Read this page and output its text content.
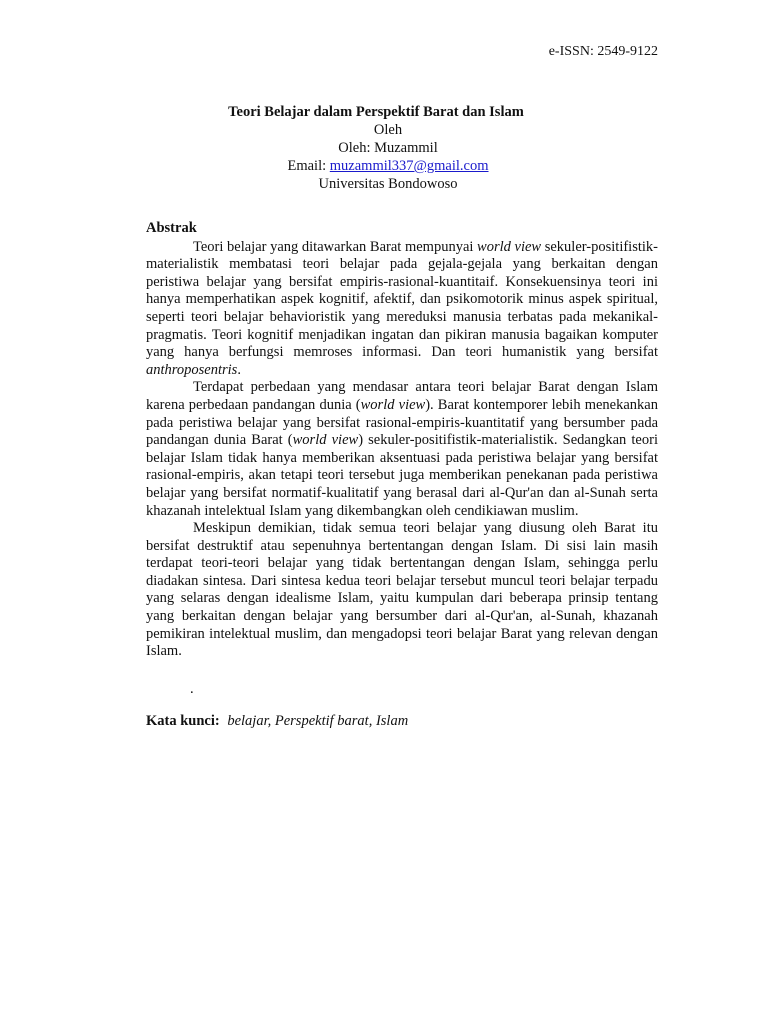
e-ISSN: 2549-9122
Teori Belajar dalam Perspektif Barat dan Islam
Oleh
Oleh: Muzammil
Email: muzammil337@gmail.com
Universitas Bondowoso
Abstrak

Teori belajar yang ditawarkan Barat mempunyai world view sekuler-positifistik-materialistik membatasi teori belajar pada gejala-gejala yang berkaitan dengan peristiwa belajar yang bersifat empiris-rasional-kuantitaif. Konsekuensinya teori ini hanya memperhatikan aspek kognitif, afektif, dan psikomotorik minus aspek spiritual, seperti teori belajar behavioristik yang mereduksi manusia terbatas pada mekanikal-pragmatis. Teori kognitif menjadikan ingatan dan pikiran manusia bagaikan komputer yang hanya berfungsi memroses informasi. Dan teori humanistik yang bersifat anthroposentris.

Terdapat perbedaan yang mendasar antara teori belajar Barat dengan Islam karena perbedaan pandangan dunia (world view). Barat kontemporer lebih menekankan pada peristiwa belajar yang bersifat rasional-empiris-kuantitatif yang bersumber pada pandangan dunia Barat (world view) sekuler-positifistik-materialistik. Sedangkan teori belajar Islam tidak hanya memberikan aksentuasi pada peristiwa belajar yang bersifat rasional-empiris, akan tetapi teori tersebut juga memberikan penekanan pada peristiwa belajar yang bersifat normatif-kualitatif yang berasal dari al-Qur'an dan al-Sunah serta khazanah intelektual Islam yang dikembangkan oleh cendikiawan muslim.

Meskipun demikian, tidak semua teori belajar yang diusung oleh Barat itu bersifat destruktif atau sepenuhnya bertentangan dengan Islam. Di sisi lain masih terdapat teori-teori belajar yang tidak bertentangan dengan Islam, sehingga perlu diadakan sintesa. Dari sintesa kedua teori belajar tersebut muncul teori belajar terpadu yang selaras dengan idealisme Islam, yaitu kumpulan dari beberapa prinsip tentang yang berkaitan dengan belajar yang bersumber dari al-Qur'an, al-Sunah, khazanah pemikiran intelektual muslim, dan mengadopsi teori belajar Barat yang relevan dengan Islam.

.
Kata kunci: belajar, Perspektif barat, Islam
